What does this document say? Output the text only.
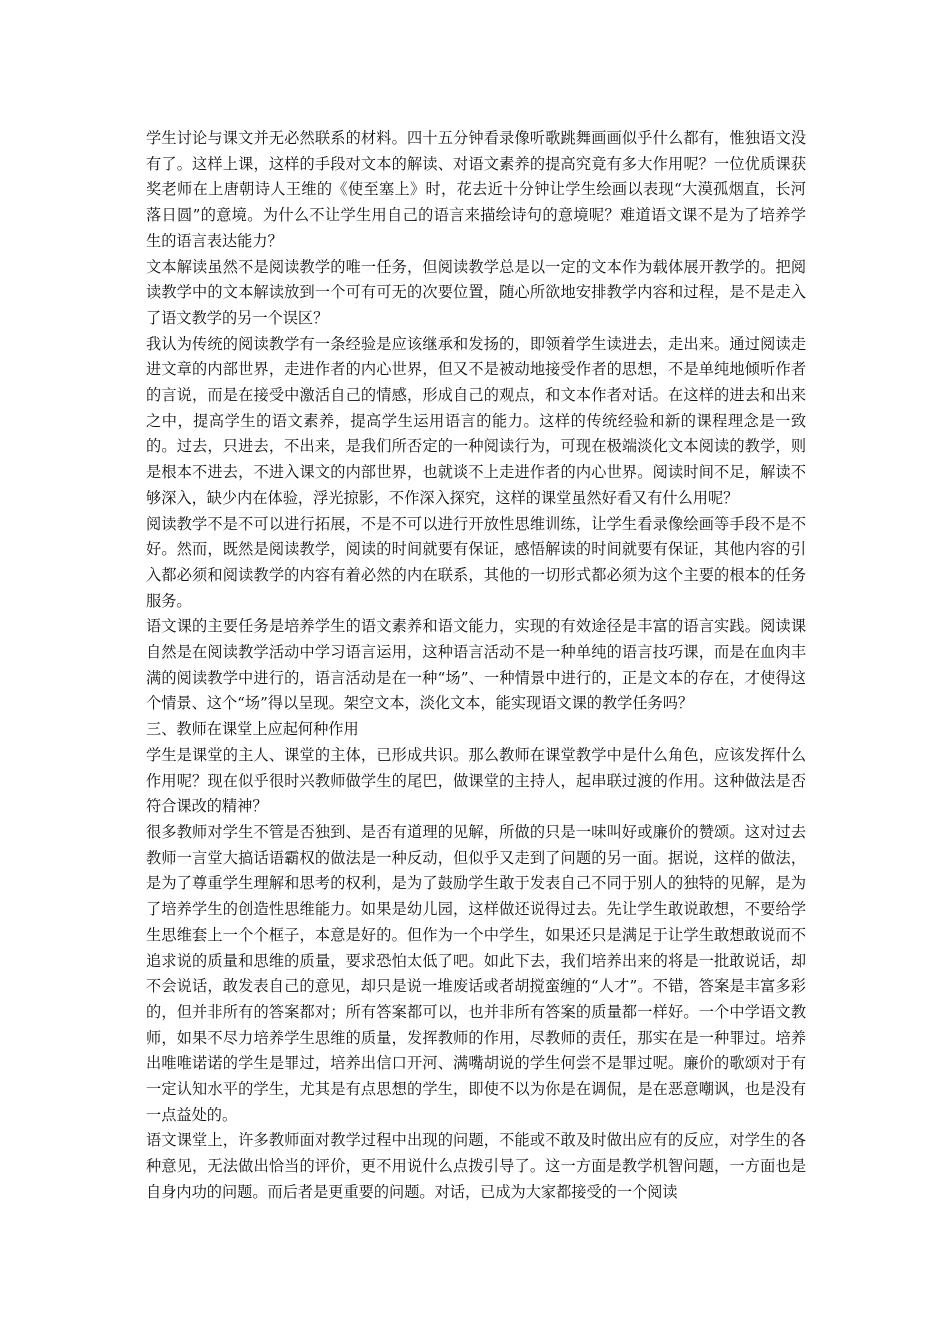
学生讨论与课文并无必然联系的材料。四十五分钟看录像听歌跳舞画画似乎什么都有，惟独语文没有了。这样上课，这样的手段对文本的解读、对语文素养的提高究竟有多大作用呢？一位优质课获奖老师在上唐朝诗人王维的《使至塞上》时，花去近十分钟让学生绘画以表现“大漠孤烟直，长河落日圆”的意境。为什么不让学生用自己的语言来描绘诗句的意境呢？难道语文课不是为了培养学生的语言表达能力？

文本解读虽然不是阅读教学的唯一任务，但阅读教学总是以一定的文本作为载体展开教学的。把阅读教学中的文本解读放到一个可有可无的次要位置，随心所欲地安排教学内容和过程，是不是走入了语文教学的另一个误区？

我认为传统的阅读教学有一条经验是应该继承和发扬的，即领着学生读进去，走出来。通过阅读走进文章的内部世界，走进作者的内心世界，但又不是被动地接受作者的思想，不是单纯地倾听作者的言说，而是在接受中激活自己的情感，形成自己的观点，和文本作者对话。在这样的进去和出来之中，提高学生的语文素养，提高学生运用语言的能力。这样的传统经验和新的课程理念是一致的。过去，只进去，不出来，是我们所否定的一种阅读行为，可现在极端淡化文本阅读的教学，则是根本不进去，不进入课文的内部世界，也就谈不上走进作者的内心世界。阅读时间不足，解读不够深入，缺少内在体验，浮光掠影，不作深入探究，这样的课堂虽然好看又有什么用呢？

阅读教学不是不可以进行拓展，不是不可以进行开放性思维训练，让学生看录像绘画等手段不是不好。然而，既然是阅读教学，阅读的时间就要有保证，感悟解读的时间就要有保证，其他内容的引入都必须和阅读教学的内容有着必然的内在联系，其他的一切形式都必须为这个主要的根本的任务服务。

语文课的主要任务是培养学生的语文素养和语文能力，实现的有效途径是丰富的语言实践。阅读课自然是在阅读教学活动中学习语言运用，这种语言活动不是一种单纯的语言技巧课，而是在血肉丰满的阅读教学中进行的，语言活动是在一种“场”、一种情景中进行的，正是文本的存在，才使得这个情景、这个“场”得以呈现。架空文本，淡化文本，能实现语文课的教学任务吗？

三、教师在课堂上应起何种作用

学生是课堂的主人、课堂的主体，已形成共识。那么教师在课堂教学中是什么角色，应该发挥什么作用呢？现在似乎很时兴教师做学生的尾巴，做课堂的主持人，起串联过渡的作用。这种做法是否符合课改的精神？

很多教师对学生不管是否独到、是否有道理的见解，所做的只是一味叫好或廉价的赞颂。这对过去教师一言堂大搞话语霸权的做法是一种反动，但似乎又走到了问题的另一面。据说，这样的做法，是为了尊重学生理解和思考的权利，是为了鼓励学生敢于发表自己不同于别人的独特的见解，是为了培养学生的创造性思维能力。如果是幼儿园，这样做还说得过去。先让学生敢说敢想，不要给学生思维套上一个个框子，本意是好的。但作为一个中学生，如果还只是满足于让学生敢想敢说而不追求说的质量和思维的质量，要求恐怕太低了吧。如此下去，我们培养出来的将是一批敢说话，却不会说话，敢发表自己的意见，却只是说一堆废话或者胡搅蛮缠的“人才”。不错，答案是丰富多彩的，但并非所有的答案都对；所有答案都可以，也并非所有答案的质量都一样好。一个中学语文教师，如果不尽力培养学生思维的质量，发挥教师的作用，尽教师的责任，那实在是一种罪过。培养出唯唯诺诺的学生是罪过，培养出信口开河、满嘴胡说的学生何尝不是罪过呢。廉价的歌颂对于有一定认知水平的学生，尤其是有点思想的学生，即使不以为你是在调侃，是在恶意嘲讽，也是没有一点益处的。

语文课堂上，许多教师面对教学过程中出现的问题，不能或不敢及时做出应有的反应，对学生的各种意见，无法做出恰当的评价，更不用说什么点拨引导了。这一方面是教学机智问题，一方面也是自身内功的问题。而后者是更重要的问题。对话，已成为大家都接受的一个阅读
